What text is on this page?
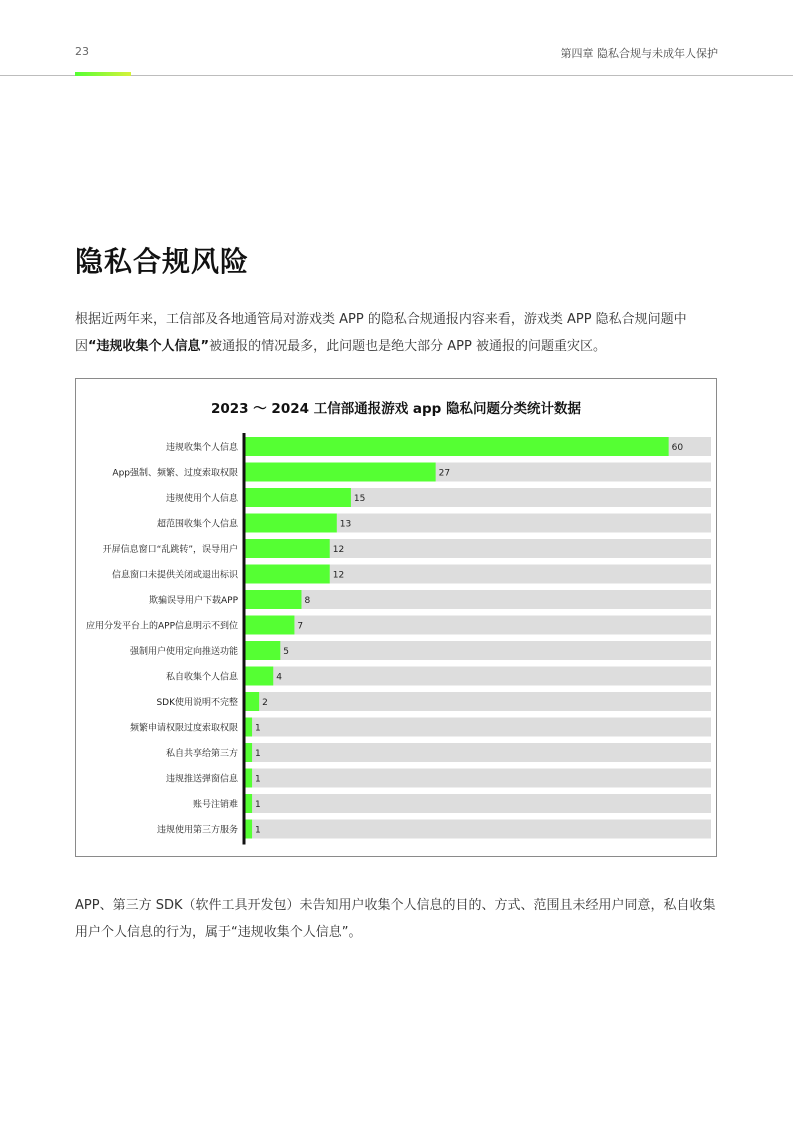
23	第四章 隐私合规与未成年人保护
隐私合规风险

根据近两年来，工信部及各地通管局对游戏类 APP 的隐私合规通报内容来看，游戏类 APP 隐私合规问题中因“违规收集个人信息”被通报的情况最多，此问题也是绝大部分 APP 被通报的问题重灾区。

2023 ～ 2024 工信部通报游戏 app 隐私问题分类统计数据
违规收集个人信息	60
App强制、频繁、过度索取权限	27
违规使用个人信息	15
超范围收集个人信息	13
开屏信息窗口“乱跳转”，误导用户	12
信息窗口未提供关闭或退出标识	12
欺骗误导用户下载APP	8
应用分发平台上的APP信息明示不到位	7
强制用户使用定向推送功能	5
私自收集个人信息	4
SDK使用说明不完整	2
频繁申请权限过度索取权限 1
私自共享给第三方 1
违规推送弹窗信息 1
账号注销难 1
违规使用第三方服务 1

APP、第三方 SDK（软件工具开发包）未告知用户收集个人信息的目的、方式、范围且未经用户同意，私自收集用户个人信息的行为，属于“违规收集个人信息”。
